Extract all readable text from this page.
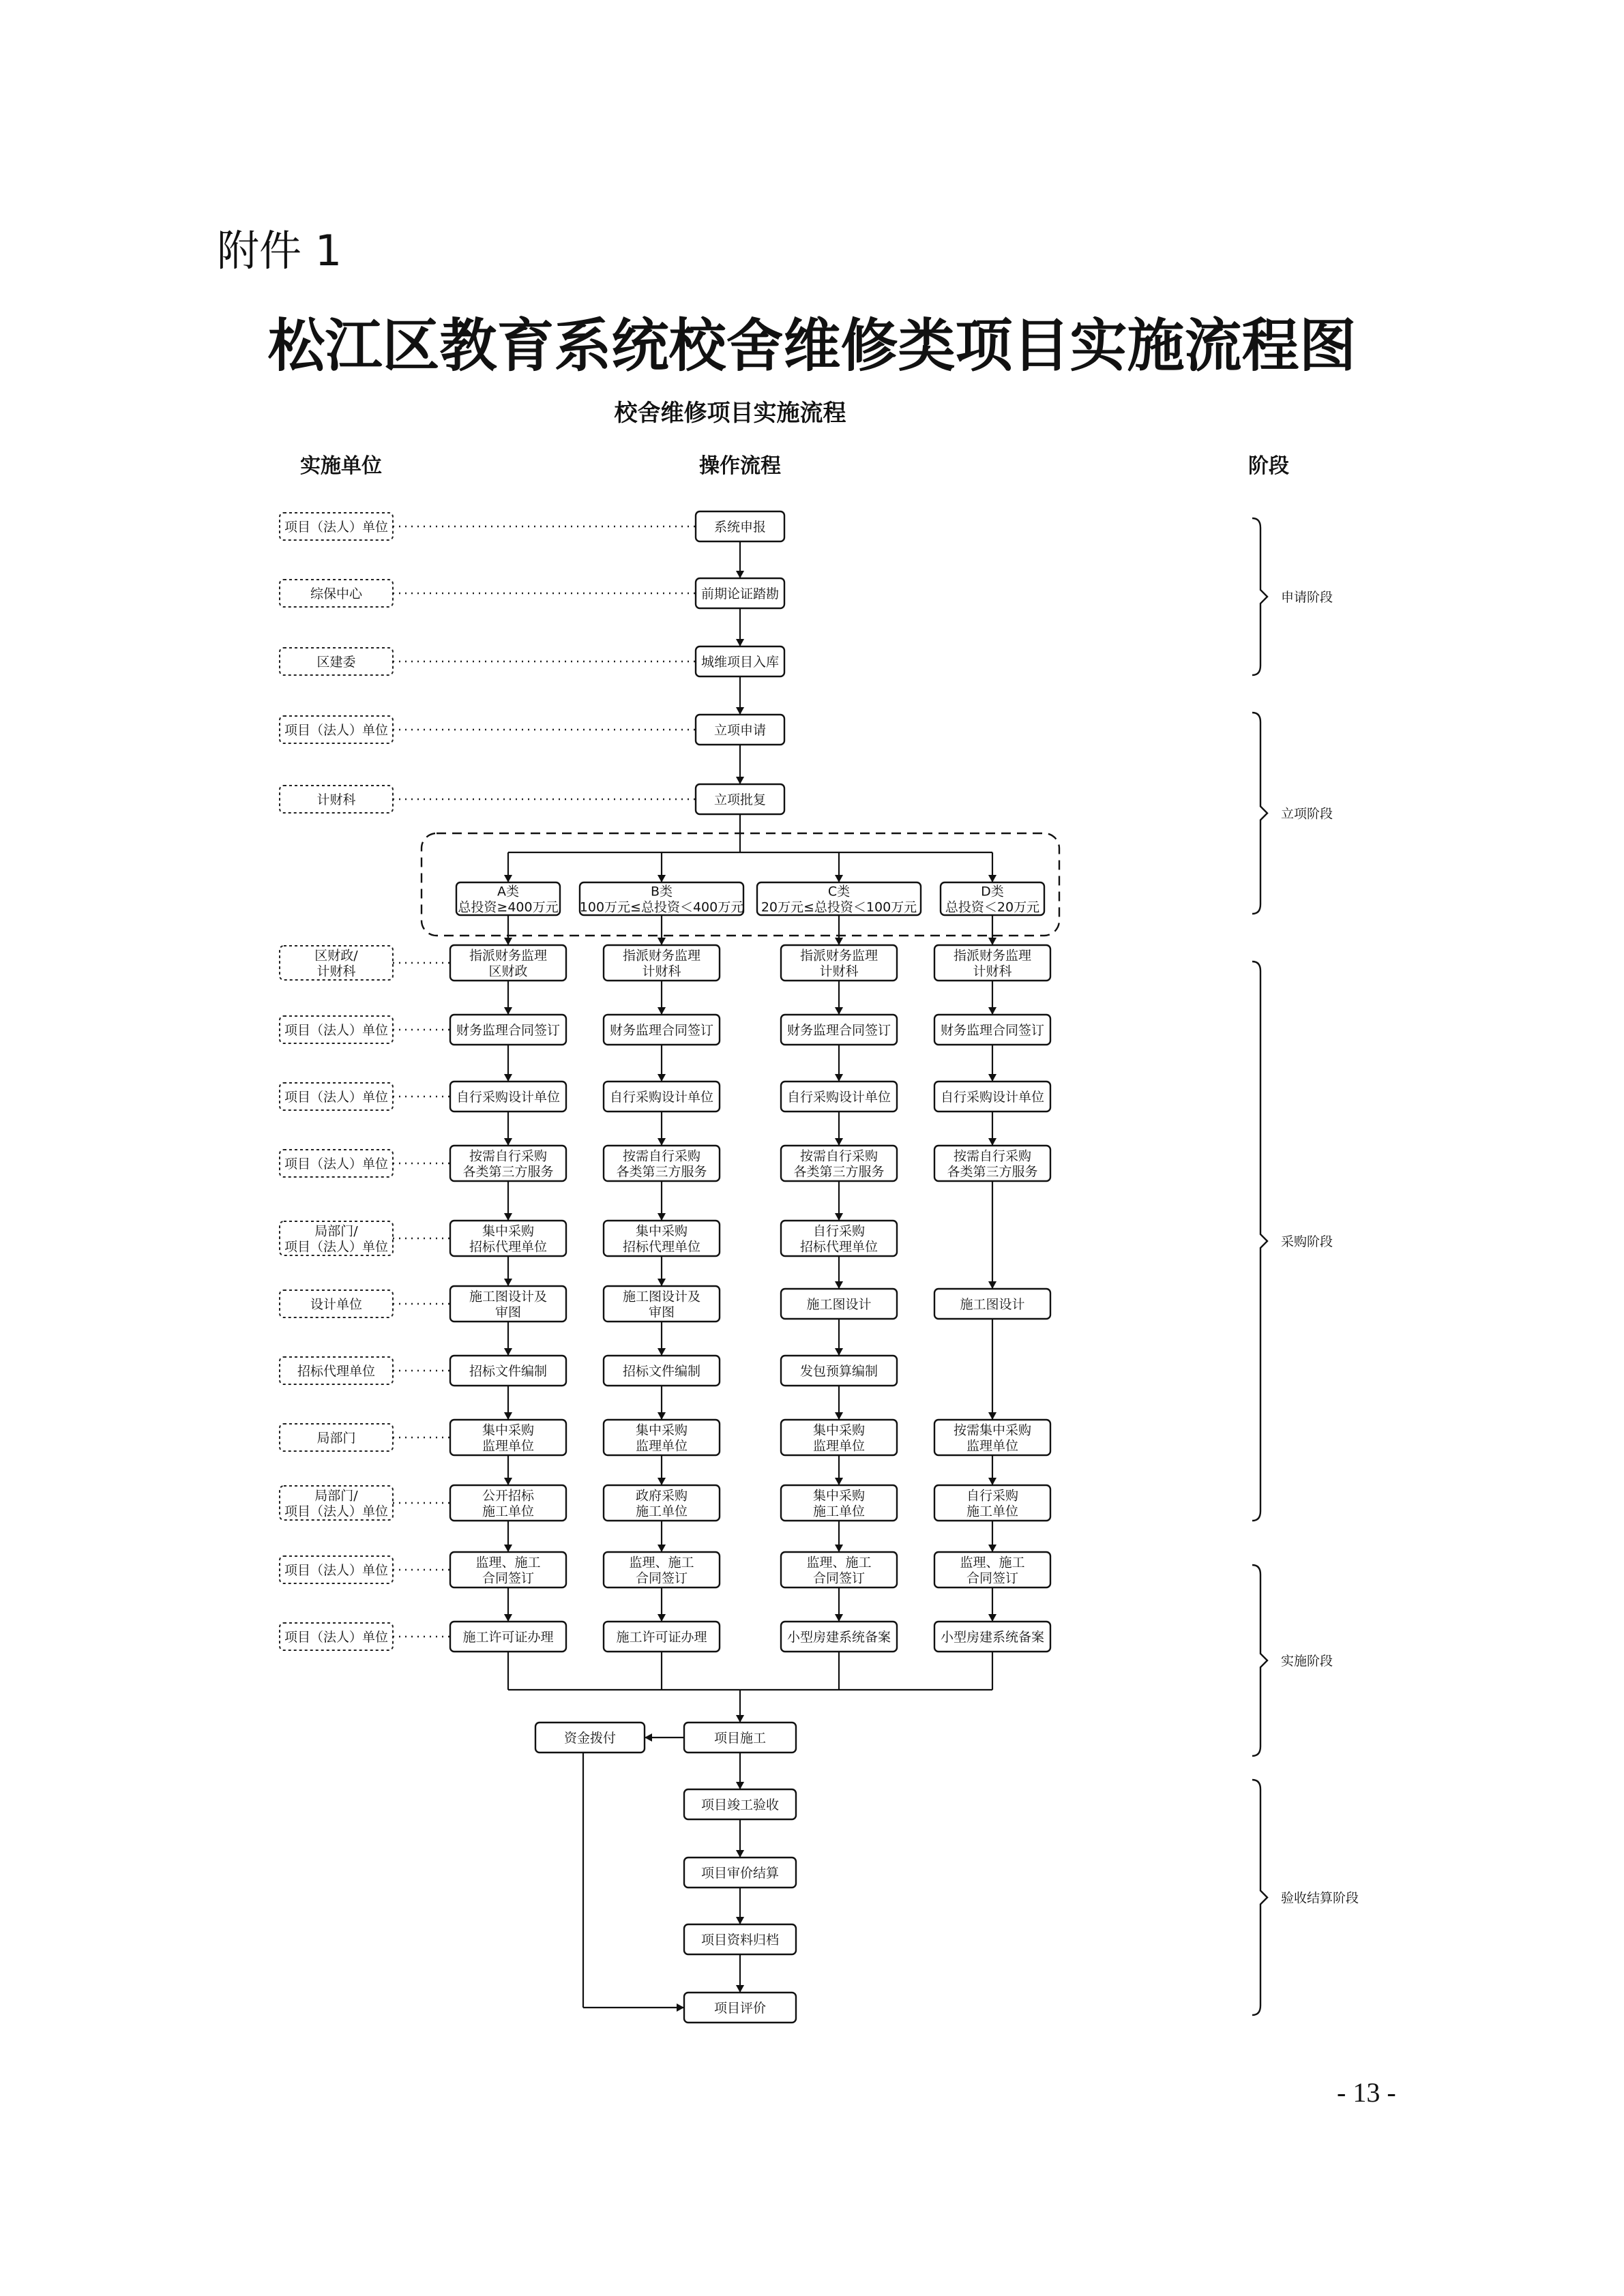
附件 1
松江区教育系统校舍维修类项目实施流程图
校舍维修项目实施流程
实施单位	操作流程	阶段
项目（法人）单位
综保中心
区建委
项目（法人）单位
计财科
区财政/
计财科
项目（法人）单位
项目（法人）单位
项目（法人）单位
局部门/
项目（法人）单位
设计单位
招标代理单位
局部门
局部门/
项目（法人）单位
项目（法人）单位
项目（法人）单位
系统申报
前期论证踏勘
城维项目入库
立项申请
立项批复
A类
总投资≥400万元
B类
100万元≤总投资＜400万元
C类
20万元≤总投资＜100万元
D类
总投资＜20万元
指派财务监理
区财政
指派财务监理
计财科
指派财务监理
计财科
指派财务监理
计财科
财务监理合同签订	财务监理合同签订	财务监理合同签订	财务监理合同签订
自行采购设计单位	自行采购设计单位	自行采购设计单位	自行采购设计单位
按需自行采购
各类第三方服务
按需自行采购
各类第三方服务
按需自行采购
各类第三方服务
按需自行采购
各类第三方服务
集中采购
招标代理单位
集中采购
招标代理单位
自行采购
招标代理单位
施工图设计及
审图
施工图设计及
审图
施工图设计	施工图设计
招标文件编制	招标文件编制	发包预算编制
集中采购
监理单位
集中采购
监理单位
集中采购
监理单位
按需集中采购
监理单位
公开招标
施工单位
政府采购
施工单位
集中采购
施工单位
自行采购
施工单位
监理、施工
合同签订
监理、施工
合同签订
监理、施工
合同签订
监理、施工
合同签订
施工许可证办理	施工许可证办理	小型房建系统备案	小型房建系统备案
项目施工
项目竣工验收
项目审价结算
项目资料归档
项目评价
资金拨付
申请阶段
立项阶段
采购阶段
实施阶段
验收结算阶段
- 13 -
